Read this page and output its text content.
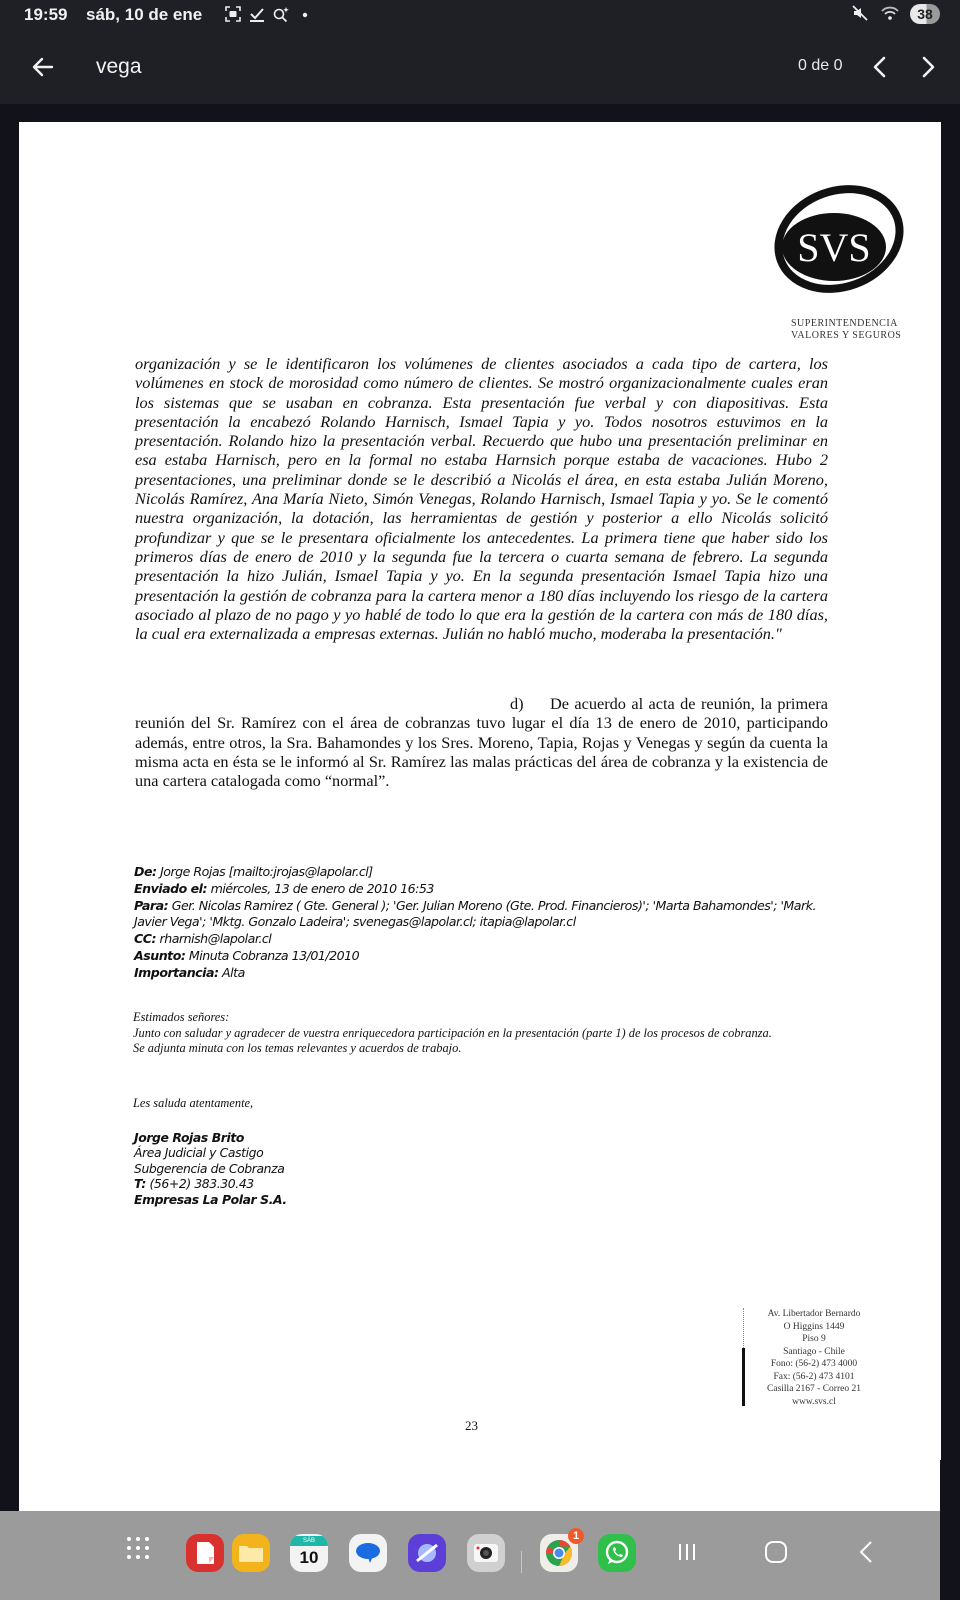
19:59 sáb, 10 de ene	38
vega	0 de 0
SVS
SUPERINTENDENCIA
VALORES Y SEGUROS

organización y se le identificaron los volúmenes de clientes asociados a cada tipo de cartera, los volúmenes en stock de morosidad como número de clientes. Se mostró organizacionalmente cuales eran los sistemas que se usaban en cobranza. Esta presentación fue verbal y con diapositivas. Esta presentación la encabezó Rolando Harnisch, Ismael Tapia y yo. Todos nosotros estuvimos en la presentación. Rolando hizo la presentación verbal. Recuerdo que hubo una presentación preliminar en esa estaba Harnisch, pero en la formal no estaba Harnsich porque estaba de vacaciones. Hubo 2 presentaciones, una preliminar donde se le describió a Nicolás el área, en esta estaba Julián Moreno, Nicolás Ramírez, Ana María Nieto, Simón Venegas, Rolando Harnisch, Ismael Tapia y yo. Se le comentó nuestra organización, la dotación, las herramientas de gestión y posterior a ello Nicolás solicitó profundizar y que se le presentara oficialmente los antecedentes. La primera tiene que haber sido los primeros días de enero de 2010 y la segunda fue la tercera o cuarta semana de febrero. La segunda presentación la hizo Julián, Ismael Tapia y yo. En la segunda presentación Ismael Tapia hizo una presentación la gestión de cobranza para la cartera menor a 180 días incluyendo los riesgo de la cartera asociado al plazo de no pago y yo hablé de todo lo que era la gestión de la cartera con más de 180 días, la cual era externalizada a empresas externas. Julián no habló mucho, moderaba la presentación."

d) De acuerdo al acta de reunión, la primera reunión del Sr. Ramírez con el área de cobranzas tuvo lugar el día 13 de enero de 2010, participando además, entre otros, la Sra. Bahamondes y los Sres. Moreno, Tapia, Rojas y Venegas y según da cuenta la misma acta en ésta se le informó al Sr. Ramírez las malas prácticas del área de cobranza y la existencia de una cartera catalogada como “normal”.
De: Jorge Rojas [mailto:jrojas@lapolar.cl]
Enviado el: miércoles, 13 de enero de 2010 16:53
Para: Ger. Nicolas Ramirez ( Gte. General ); 'Ger. Julian Moreno (Gte. Prod. Financieros)'; 'Marta Bahamondes'; 'Mark. Javier Vega'; 'Mktg. Gonzalo Ladeira'; svenegas@lapolar.cl; itapia@lapolar.cl
CC: rharnish@lapolar.cl
Asunto: Minuta Cobranza 13/01/2010
Importancia: Alta
Estimados señores:
Junto con saludar y agradecer de vuestra enriquecedora participación en la presentación (parte 1) de los procesos de cobranza.
Se adjunta minuta con los temas relevantes y acuerdos de trabajo.
Les saluda atentamente,
Jorge Rojas Brito
Área Judicial y Castigo
Subgerencia de Cobranza
T: (56+2) 383.30.43
Empresas La Polar S.A.
Av. Libertador Bernardo
O Higgins 1449
Piso 9
Santiago - Chile
Fono: (56-2) 473 4000
Fax: (56-2) 473 4101
Casilla 2167 - Correo 21
www.svs.cl
23
SÁB
10
1
